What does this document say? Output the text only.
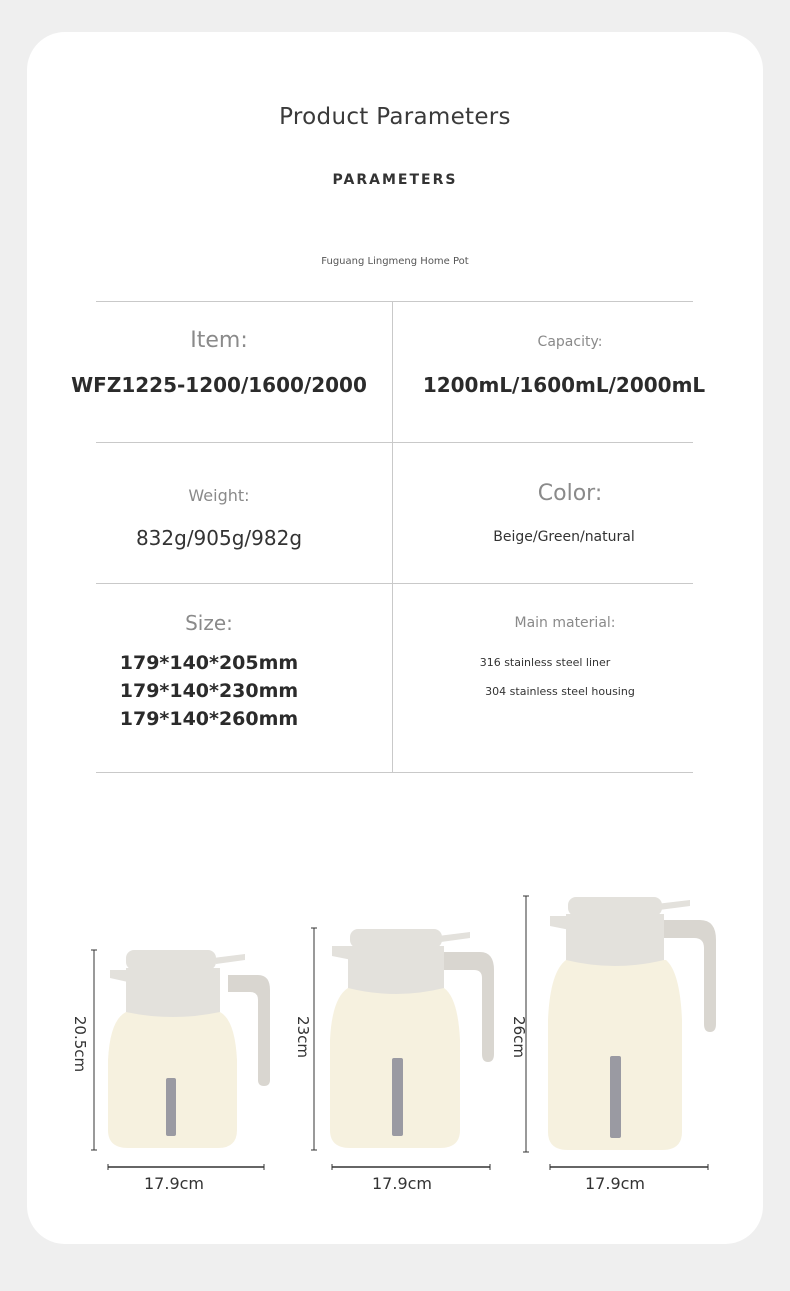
Product Parameters
PARAMETERS
Fuguang Lingmeng Home Pot
Item:
WFZ1225-1200/1600/2000
Capacity:
1200mL/1600mL/2000mL
Weight:
832g/905g/982g
Color:
Beige/Green/natural
Size:
179*140*205mm
179*140*230mm
179*140*260mm
Main material:
316 stainless steel liner
304 stainless steel housing
20.5cm
17.9cm
23cm
17.9cm
26cm
17.9cm
